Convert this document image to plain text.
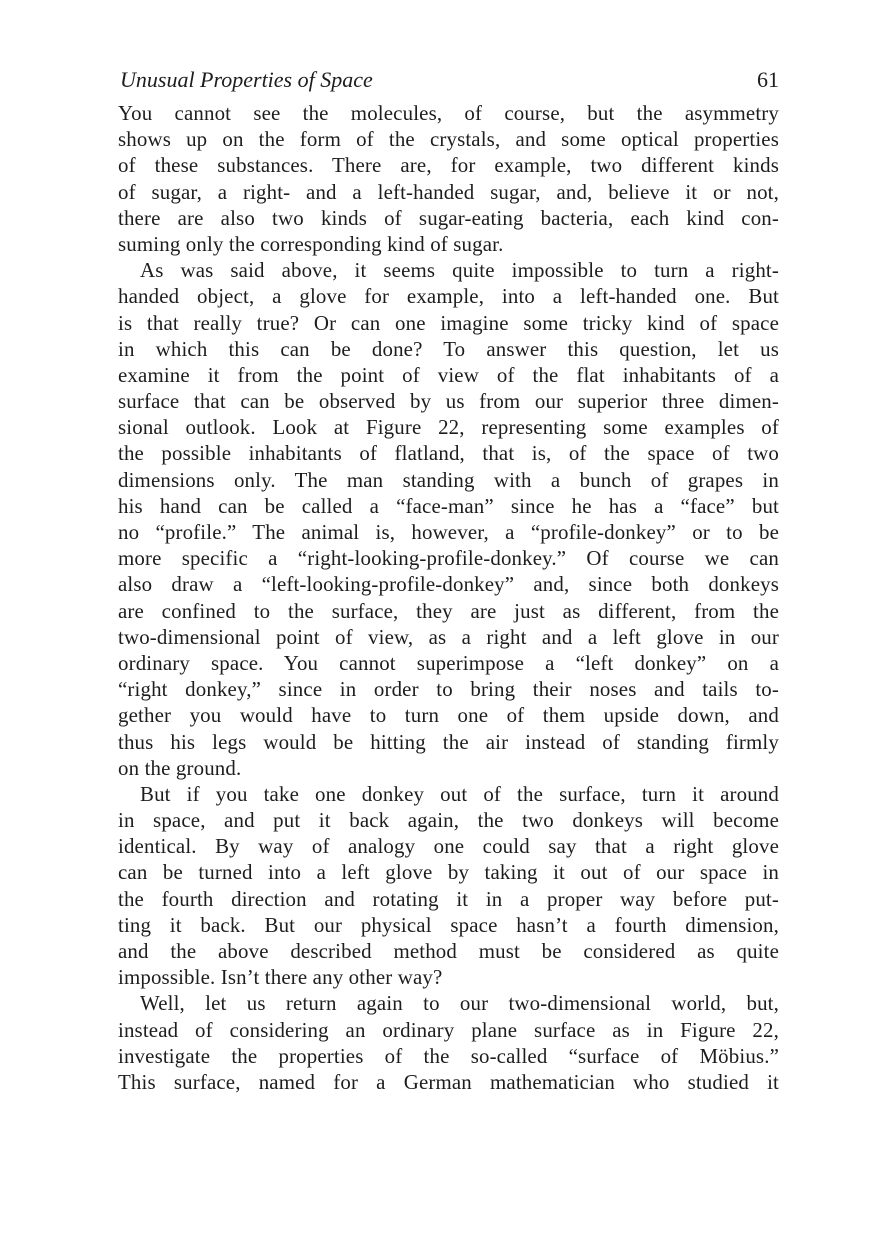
Unusual Properties of Space	61
You cannot see the molecules, of course, but the asymmetry
shows up on the form of the crystals, and some optical properties
of these substances. There are, for example, two different kinds
of sugar, a right- and a left-handed sugar, and, believe it or not,
there are also two kinds of sugar-eating bacteria, each kind con-
suming only the corresponding kind of sugar.
As was said above, it seems quite impossible to turn a right-
handed object, a glove for example, into a left-handed one. But
is that really true? Or can one imagine some tricky kind of space
in which this can be done? To answer this question, let us
examine it from the point of view of the flat inhabitants of a
surface that can be observed by us from our superior three dimen-
sional outlook. Look at Figure 22, representing some examples of
the possible inhabitants of flatland, that is, of the space of two
dimensions only. The man standing with a bunch of grapes in
his hand can be called a “face-man” since he has a “face” but
no “profile.” The animal is, however, a “profile-donkey” or to be
more specific a “right-looking-profile-donkey.” Of course we can
also draw a “left-looking-profile-donkey” and, since both donkeys
are confined to the surface, they are just as different, from the
two-dimensional point of view, as a right and a left glove in our
ordinary space. You cannot superimpose a “left donkey” on a
“right donkey,” since in order to bring their noses and tails to-
gether you would have to turn one of them upside down, and
thus his legs would be hitting the air instead of standing firmly
on the ground.
But if you take one donkey out of the surface, turn it around
in space, and put it back again, the two donkeys will become
identical. By way of analogy one could say that a right glove
can be turned into a left glove by taking it out of our space in
the fourth direction and rotating it in a proper way before put-
ting it back. But our physical space hasn’t a fourth dimension,
and the above described method must be considered as quite
impossible. Isn’t there any other way?
Well, let us return again to our two-dimensional world, but,
instead of considering an ordinary plane surface as in Figure 22,
investigate the properties of the so-called “surface of Möbius.”
This surface, named for a German mathematician who studied it
